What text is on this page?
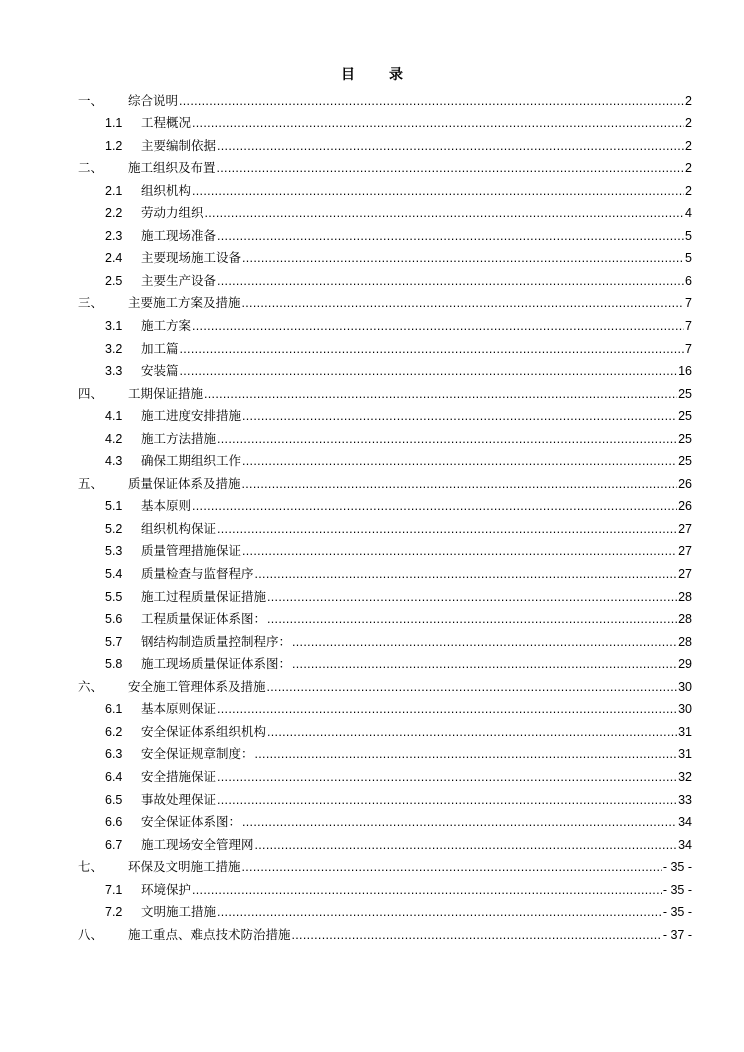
目 录
一、	综合说明 .....	2
1.1	工程概况 .....	2
1.2	主要编制依据 .....	2
二、	施工组织及布置 .....	2
2.1	组织机构 .....	2
2.2	劳动力组织 .....	4
2.3	施工现场准备 .....	5
2.4	主要现场施工设备 .....	5
2.5	主要生产设备 .....	6
三、	主要施工方案及措施 .....	7
3.1	施工方案 .....	7
3.2	加工篇 .....	7
3.3	安装篇 .....	16
四、	工期保证措施 .....	25
4.1	施工进度安排措施 .....	25
4.2	施工方法措施 .....	25
4.3	确保工期组织工作 .....	25
五、	质量保证体系及措施 .....	26
5.1	基本原则 .....	26
5.2	组织机构保证 .....	27
5.3	质量管理措施保证 .....	27
5.4	质量检查与监督程序 .....	27
5.5	施工过程质量保证措施 .....	28
5.6	工程质量保证体系图： .....	28
5.7	钢结构制造质量控制程序： .....	28
5.8	施工现场质量保证体系图： .....	29
六、	安全施工管理体系及措施 .....	30
6.1	基本原则保证 .....	30
6.2	安全保证体系组织机构 .....	31
6.3	安全保证规章制度： .....	31
6.4	安全措施保证 .....	32
6.5	事故处理保证 .....	33
6.6	安全保证体系图： .....	34
6.7	施工现场安全管理网 .....	34
七、	环保及文明施工措施 .....	- 35 -
7.1	环境保护 .....	- 35 -
7.2	文明施工措施 .....	- 35 -
八、	施工重点、难点技术防治措施 .....	- 37 -
